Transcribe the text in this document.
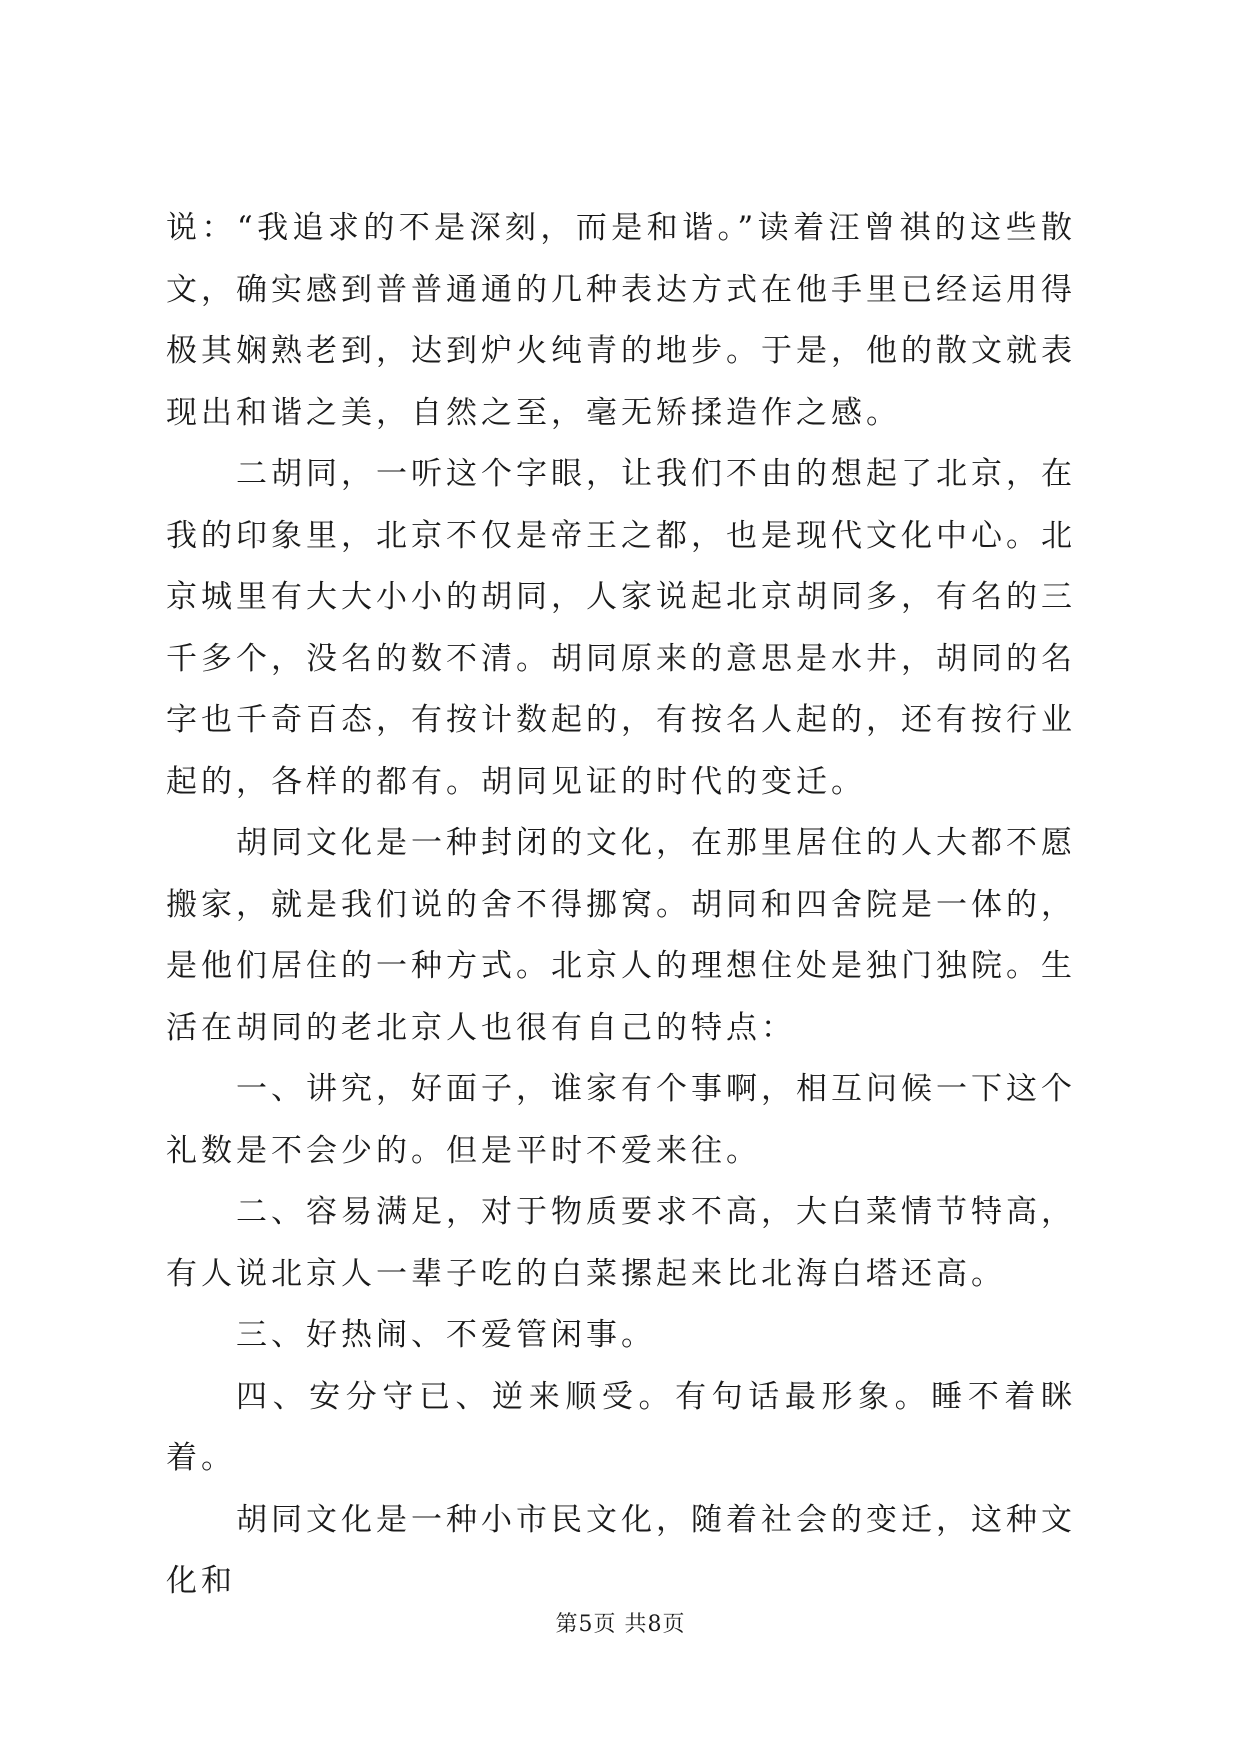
说：“我追求的不是深刻，而是和谐。”读着汪曾祺的这些散文，确实感到普普通通的几种表达方式在他手里已经运用得极其娴熟老到，达到炉火纯青的地步。于是，他的散文就表现出和谐之美，自然之至，毫无矫揉造作之感。

二胡同，一听这个字眼，让我们不由的想起了北京，在我的印象里，北京不仅是帝王之都，也是现代文化中心。北京城里有大大小小的胡同，人家说起北京胡同多，有名的三千多个，没名的数不清。胡同原来的意思是水井，胡同的名字也千奇百态，有按计数起的，有按名人起的，还有按行业起的，各样的都有。胡同见证的时代的变迁。

胡同文化是一种封闭的文化，在那里居住的人大都不愿搬家，就是我们说的舍不得挪窝。胡同和四舍院是一体的，是他们居住的一种方式。北京人的理想住处是独门独院。生活在胡同的老北京人也很有自己的特点：

一、讲究，好面子，谁家有个事啊，相互问候一下这个礼数是不会少的。但是平时不爱来往。

二、容易满足，对于物质要求不高，大白菜情节特高，有人说北京人一辈子吃的白菜摞起来比北海白塔还高。

三、好热闹、不爱管闲事。

四、安分守已、逆来顺受。有句话最形象。睡不着眯着。

胡同文化是一种小市民文化，随着社会的变迁，这种文化和

第5页 共8页
